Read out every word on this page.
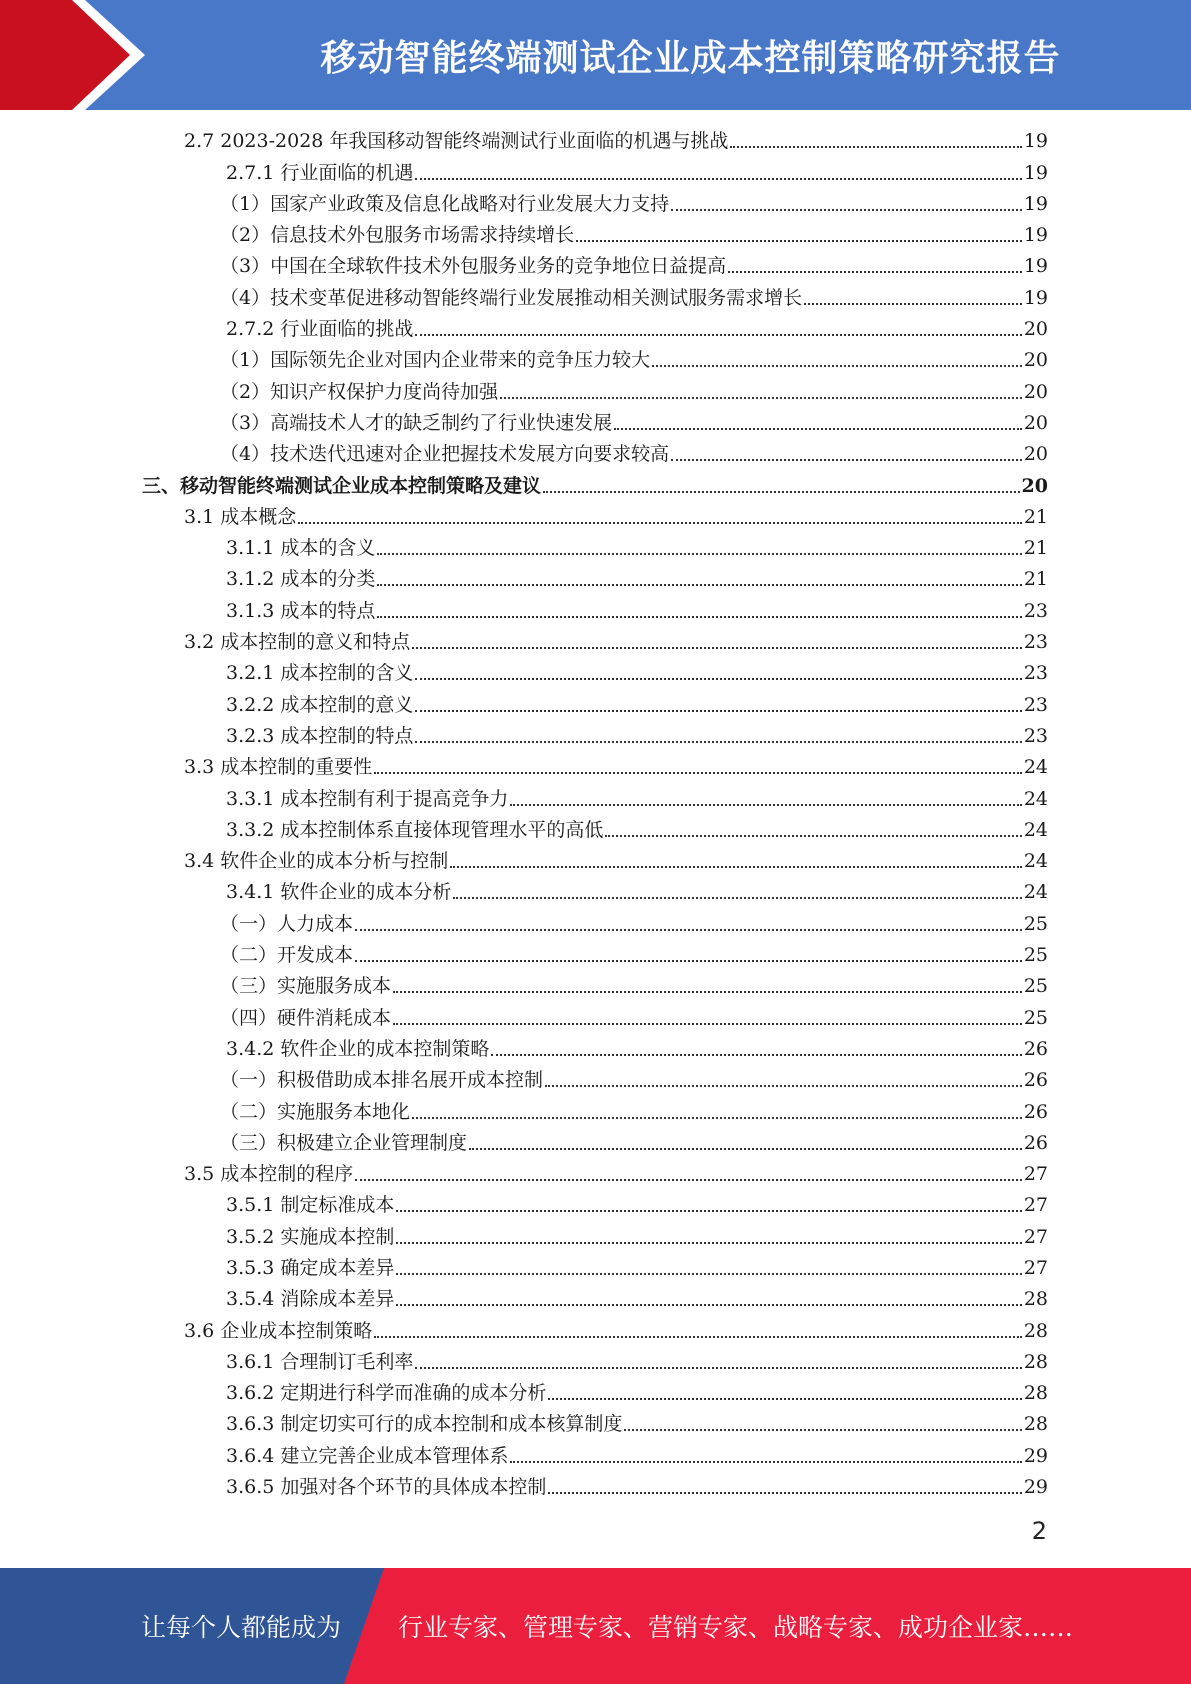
移动智能终端测试企业成本控制策略研究报告
2.7 2023-2028 年我国移动智能终端测试行业面临的机遇与挑战	19
2.7.1 行业面临的机遇	19
（1）国家产业政策及信息化战略对行业发展大力支持	19
（2）信息技术外包服务市场需求持续增长	19
（3）中国在全球软件技术外包服务业务的竞争地位日益提高	19
（4）技术变革促进移动智能终端行业发展推动相关测试服务需求增长	19
2.7.2 行业面临的挑战	20
（1）国际领先企业对国内企业带来的竞争压力较大	20
（2）知识产权保护力度尚待加强	20
（3）高端技术人才的缺乏制约了行业快速发展	20
（4）技术迭代迅速对企业把握技术发展方向要求较高	20
三、移动智能终端测试企业成本控制策略及建议	20
3.1 成本概念	21
3.1.1 成本的含义	21
3.1.2 成本的分类	21
3.1.3 成本的特点	23
3.2 成本控制的意义和特点	23
3.2.1 成本控制的含义	23
3.2.2 成本控制的意义	23
3.2.3 成本控制的特点	23
3.3 成本控制的重要性	24
3.3.1 成本控制有利于提高竞争力	24
3.3.2 成本控制体系直接体现管理水平的高低	24
3.4 软件企业的成本分析与控制	24
3.4.1 软件企业的成本分析	24
（一）人力成本	25
（二）开发成本	25
（三）实施服务成本	25
（四）硬件消耗成本	25
3.4.2 软件企业的成本控制策略	26
（一）积极借助成本排名展开成本控制	26
（二）实施服务本地化	26
（三）积极建立企业管理制度	26
3.5 成本控制的程序	27
3.5.1 制定标准成本	27
3.5.2 实施成本控制	27
3.5.3 确定成本差异	27
3.5.4 消除成本差异	28
3.6 企业成本控制策略	28
3.6.1 合理制订毛利率	28
3.6.2 定期进行科学而准确的成本分析	28
3.6.3 制定切实可行的成本控制和成本核算制度	28
3.6.4 建立完善企业成本管理体系	29
3.6.5 加强对各个环节的具体成本控制	29
2
让每个人都能成为 行业专家、管理专家、营销专家、战略专家、成功企业家……
